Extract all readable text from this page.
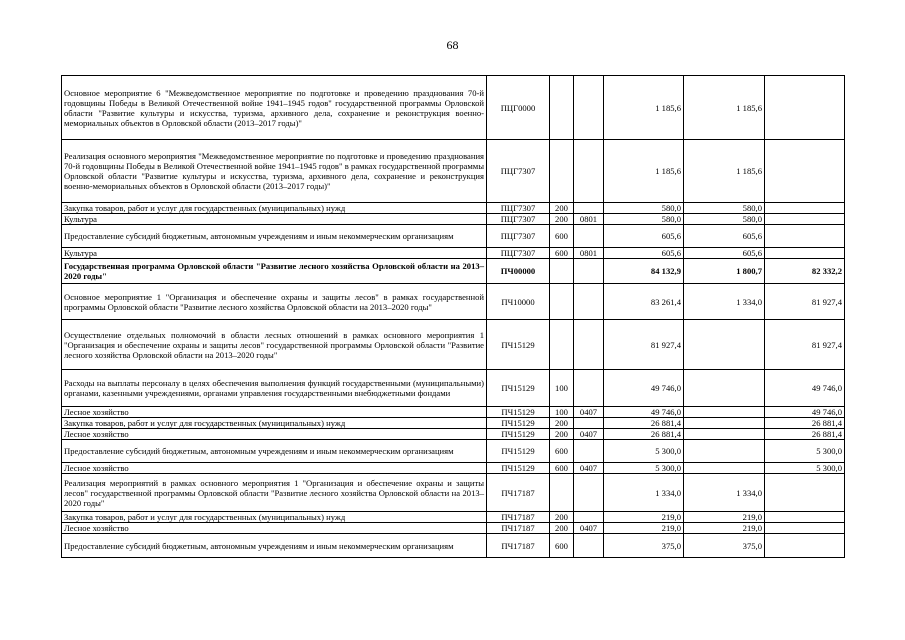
68
Основное мероприятие 6 "Межведомственное мероприятие по подготовке и проведению празднования 70-й годовщины Победы в Великой Отечественной войне 1941–1945 годов" государственной программы Орловской области "Развитие культуры и искусства, туризма, архивного дела, сохранение и реконструкция военно-мемориальных объектов в Орловской области (2013–2017 годы)"	ПЦГ0000			1 185,6	1 185,6	
Реализация основного мероприятия "Межведомственное мероприятие по подготовке и проведению празднования 70-й годовщины Победы в Великой Отечественной войне 1941–1945 годов" в рамках государственной программы Орловской области "Развитие культуры и искусства, туризма, архивного дела, сохранение и реконструкция военно-мемориальных объектов в Орловской области (2013–2017 годы)"	ПЦГ7307			1 185,6	1 185,6	
Закупка товаров, работ и услуг для государственных (муниципальных) нужд	ПЦГ7307	200		580,0	580,0	
Культура	ПЦГ7307	200	0801	580,0	580,0	
Предоставление субсидий бюджетным, автономным учреждениям и иным некоммерческим организациям	ПЦГ7307	600		605,6	605,6	
Культура	ПЦГ7307	600	0801	605,6	605,6	
Государственная программа Орловской области "Развитие лесного хозяйства Орловской области на 2013–2020 годы"	ПЧ00000			84 132,9	1 800,7	82 332,2
Основное мероприятие 1 "Организация и обеспечение охраны и защиты лесов" в рамках государственной программы Орловской области "Развитие лесного хозяйства Орловской области на 2013–2020 годы"	ПЧ10000			83 261,4	1 334,0	81 927,4
Осуществление отдельных полномочий в области лесных отношений в рамках основного мероприятия 1 "Организация и обеспечение охраны и защиты лесов" государственной программы Орловской области "Развитие лесного хозяйства Орловской области на 2013–2020 годы"	ПЧ15129			81 927,4		81 927,4
Расходы на выплаты персоналу в целях обеспечения выполнения функций государственными (муниципальными) органами, казенными учреждениями, органами управления государственными внебюджетными фондами	ПЧ15129	100		49 746,0		49 746,0
Лесное хозяйство	ПЧ15129	100	0407	49 746,0		49 746,0
Закупка товаров, работ и услуг для государственных (муниципальных) нужд	ПЧ15129	200		26 881,4		26 881,4
Лесное хозяйство	ПЧ15129	200	0407	26 881,4		26 881,4
Предоставление субсидий бюджетным, автономным учреждениям и иным некоммерческим организациям	ПЧ15129	600		5 300,0		5 300,0
Лесное хозяйство	ПЧ15129	600	0407	5 300,0		5 300,0
Реализация мероприятий в рамках основного мероприятия 1 "Организация и обеспечение охраны и защиты лесов" государственной программы Орловской области "Развитие лесного хозяйства Орловской области на 2013–2020 годы"	ПЧ17187			1 334,0	1 334,0	
Закупка товаров, работ и услуг для государственных (муниципальных) нужд	ПЧ17187	200		219,0	219,0	
Лесное хозяйство	ПЧ17187	200	0407	219,0	219,0	
Предоставление субсидий бюджетным, автономным учреждениям и иным некоммерческим организациям	ПЧ17187	600		375,0	375,0	
